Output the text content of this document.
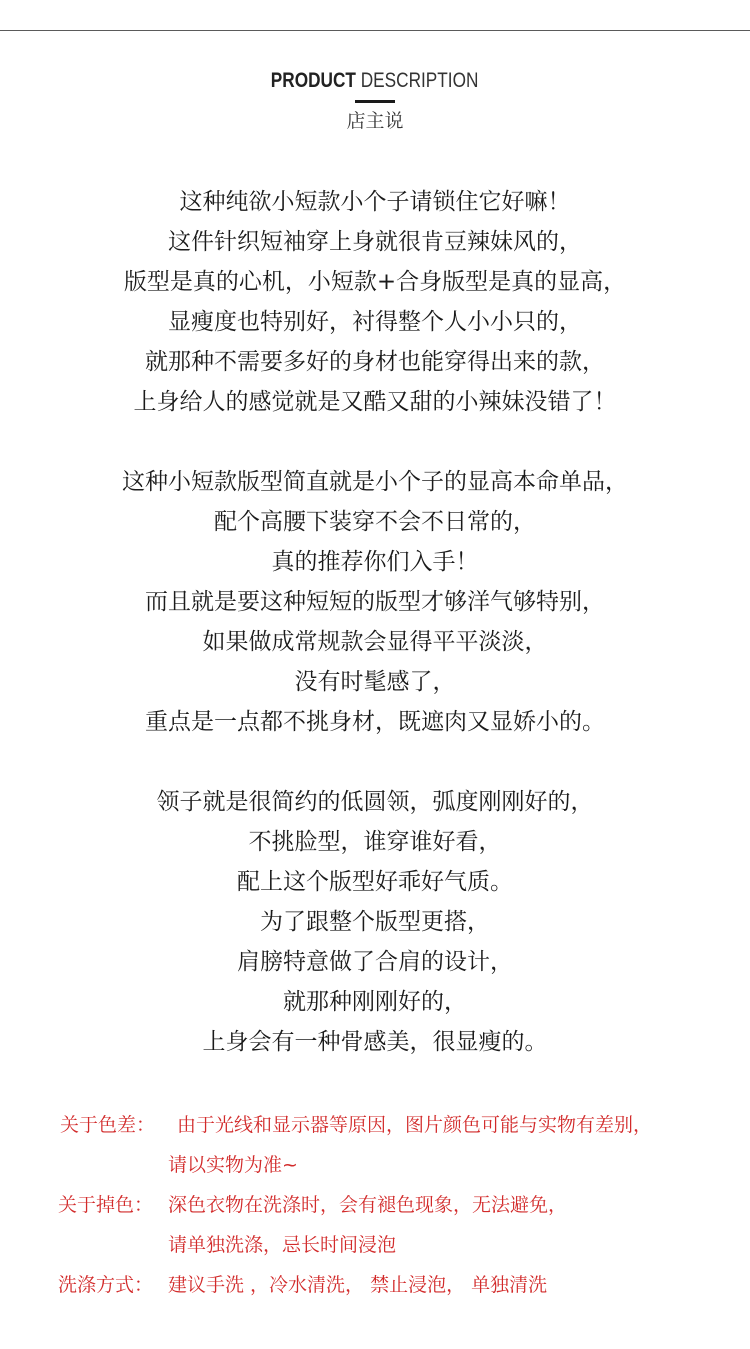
PRODUCT DESCRIPTION
店主说
这种纯欲小短款小个子请锁住它好嘛！
这件针织短袖穿上身就很肯豆辣妹风的，
版型是真的心机，小短款+合身版型是真的显高，
显瘦度也特别好，衬得整个人小小只的，
就那种不需要多好的身材也能穿得出来的款，
上身给人的感觉就是又酷又甜的小辣妹没错了！
这种小短款版型简直就是小个子的显高本命单品，
配个高腰下装穿不会不日常的，
真的推荐你们入手！
而且就是要这种短短的版型才够洋气够特别，
如果做成常规款会显得平平淡淡，
没有时髦感了，
重点是一点都不挑身材，既遮肉又显娇小的。
领子就是很简约的低圆领，弧度刚刚好的，
不挑脸型，谁穿谁好看，
配上这个版型好乖好气质。
为了跟整个版型更搭，
肩膀特意做了合肩的设计，
就那种刚刚好的，
上身会有一种骨感美，很显瘦的。
关于色差： 由于光线和显示器等原因，图片颜色可能与实物有差别，
请以实物为准~
关于掉色： 深色衣物在洗涤时，会有褪色现象，无法避免，
请单独洗涤，忌长时间浸泡
洗涤方式： 建议手洗 ，冷水清洗， 禁止浸泡， 单独清洗
